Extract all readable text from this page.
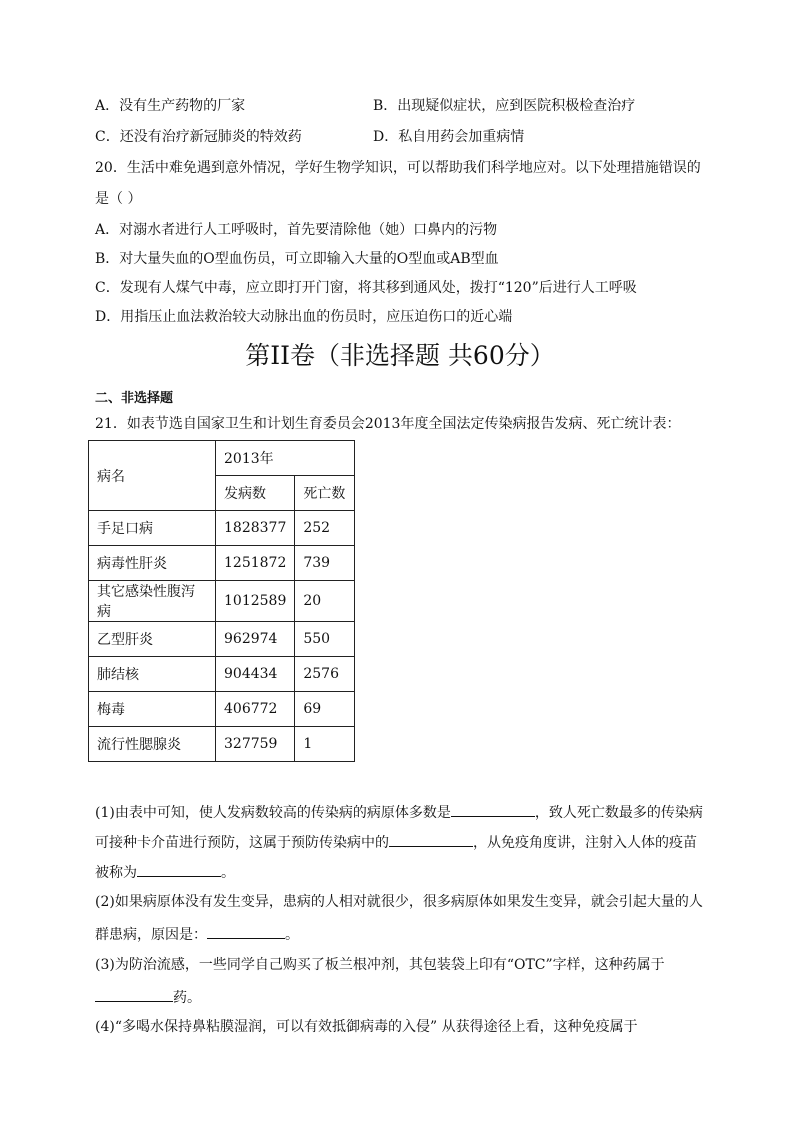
A．没有生产药物的厂家	B．出现疑似症状，应到医院积极检查治疗
C．还没有治疗新冠肺炎的特效药	D．私自用药会加重病情
20．生活中难免遇到意外情况，学好生物学知识，可以帮助我们科学地应对。以下处理措施错误的
是（ ）
A．对溺水者进行人工呼吸时，首先要清除他（她）口鼻内的污物
B．对大量失血的O型血伤员，可立即输入大量的O型血或AB型血
C．发现有人煤气中毒，应立即打开门窗，将其移到通风处，拨打“120”后进行人工呼吸
D．用指压止血法救治较大动脉出血的伤员时，应压迫伤口的近心端
第II卷（非选择题 共60分）
二、非选择题
21．如表节选自国家卫生和计划生育委员会2013年度全国法定传染病报告发病、死亡统计表：
病名	2013年	
	发病数	死亡数
手足口病	1828377	252
病毒性肝炎	1251872	739
其它感染性腹泻病	1012589	20
乙型肝炎	962974	550
肺结核	904434	2576
梅毒	406772	69
流行性腮腺炎	327759	1
(1)由表中可知，使人发病数较高的传染病的病原体多数是	，致人死亡数最多的传染病
可接种卡介苗进行预防，这属于预防传染病中的	，从免疫角度讲，注射入人体的疫苗
被称为	。
(2)如果病原体没有发生变异，患病的人相对就很少，很多病原体如果发生变异，就会引起大量的人
群患病，原因是：	。
(3)为防治流感，一些同学自己购买了板兰根冲剂，其包装袋上印有“OTC”字样，这种药属于
药。
(4)“多喝水保持鼻粘膜湿润，可以有效抵御病毒的入侵” 从获得途径上看，这种免疫属于
